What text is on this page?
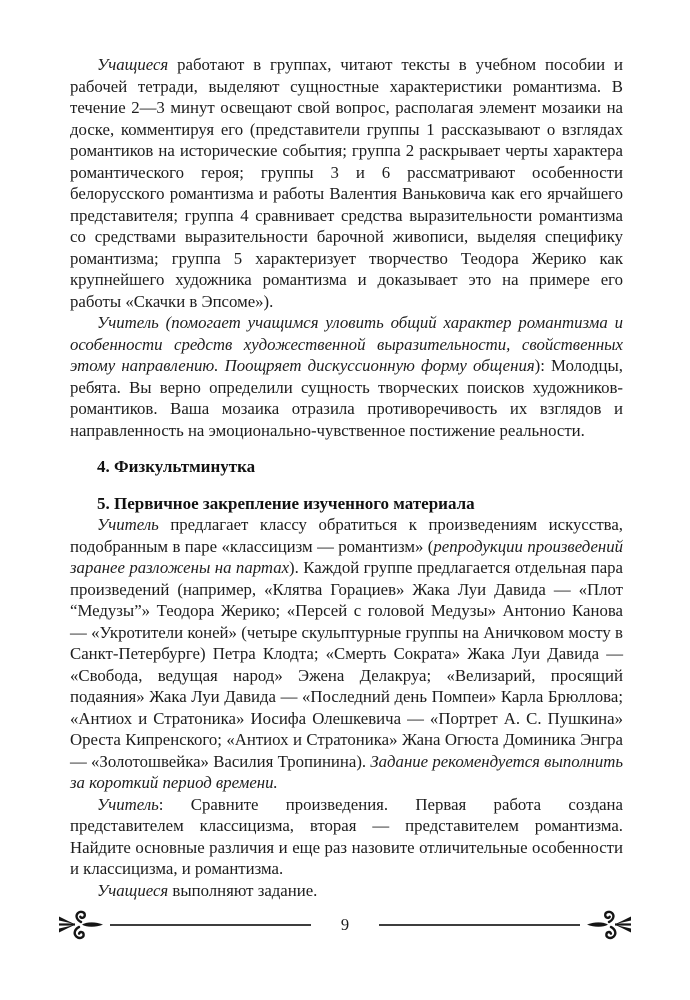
Учащиеся работают в группах, читают тексты в учебном пособии и рабочей тетради, выделяют сущностные характеристики романтизма. В течение 2—3 минут освещают свой вопрос, располагая элемент мозаики на доске, комментируя его (представители группы 1 рассказывают о взглядах романтиков на исторические события; группа 2 раскрывает черты характера романтического героя; группы 3 и 6 рассматривают особенности белорусского романтизма и работы Валентия Ваньковича как его ярчайшего представителя; группа 4 сравнивает средства выразительности романтизма со средствами выразительности барочной живописи, выделяя специфику романтизма; группа 5 характеризует творчество Теодора Жерико как крупнейшего художника романтизма и доказывает это на примере его работы «Скачки в Эпсоме»).

Учитель (помогает учащимся уловить общий характер романтизма и особенности средств художественной выразительности, свойственных этому направлению. Поощряет дискуссионную форму общения): Молодцы, ребята. Вы верно определили сущность творческих поисков художников-романтиков. Ваша мозаика отразила противоречивость их взглядов и направленность на эмоционально-чувственное постижение реальности.

4. Физкультминутка
5. Первичное закрепление изученного материала

Учитель предлагает классу обратиться к произведениям искусства, подобранным в паре «классицизм — романтизм» (репродукции произведений заранее разложены на партах). Каждой группе предлагается отдельная пара произведений (например, «Клятва Горациев» Жака Луи Давида — «Плот “Медузы”» Теодора Жерико; «Персей с головой Медузы» Антонио Канова — «Укротители коней» (четыре скульптурные группы на Аничковом мосту в Санкт-Петербурге) Петра Клодта; «Смерть Сократа» Жака Луи Давида — «Свобода, ведущая народ» Эжена Делакруа; «Велизарий, просящий подаяния» Жака Луи Давида — «Последний день Помпеи» Карла Брюллова; «Антиох и Стратоника» Иосифа Олешкевича — «Портрет А. С. Пушкина» Ореста Кипренского; «Антиох и Стратоника» Жана Огюста Доминика Энгра — «Золотошвейка» Василия Тропинина). Задание рекомендуется выполнить за короткий период времени.

Учитель: Сравните произведения. Первая работа создана представителем классицизма, вторая — представителем романтизма. Найдите основные различия и еще раз назовите отличительные особенности и классицизма, и романтизма.

Учащиеся выполняют задание.

9
